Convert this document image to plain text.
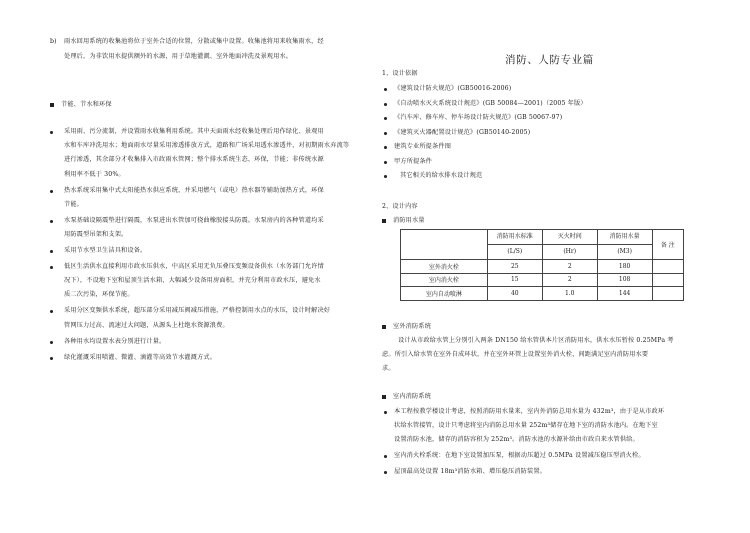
b) 雨水回用系统的收集池将位于室外合适的位置，分散或集中设置。收集池将用来收集雨水，经
处理后，为非饮用水提供额外的水源，用于草地灌溉、室外地面冲洗及景观用水。
节能、节水和环保
采用雨、污分流制，并设置雨水收集利用系统。其中天面雨水经收集处理后用作绿化、景观用
水和车库冲洗用水；地面雨水尽量采用渗透排放方式，道路和广场采用透水渗透井，对初期雨水弃流等
进行渗透，其余部分才收集排入市政雨水管网；整个排水系统生态、环保，节能；非传统水源
利用率不低于 30%。
热水系统采用集中式太阳能热水供应系统，并采用燃气（或电）热水器等辅助加热方式，环保
节能。
水泵基础设隔震垫进行隔震，水泵进出水管加可挠曲橡胶接头防震。水泵房内的各种管道均采
用防震型吊架和支架。
采用节水型卫生洁具和设备。
低区生活供水直接利用市政水压供水，中高区采用无负压叠压变频设备供水（水务部门允许情
况下），不设地下室和屋顶生活水箱，大幅减少设备用房面积，并充分利用市政水压，避免水
质二次污染，环保节能。
采用分区变频供水系统，超压部分采用减压阀减压措施，严格控制用水点的水压，设计时解决好
管网压力过高、流速过大问题，从源头上杜绝水资源浪费。
各种用水均设置水表分别进行计量。
绿化灌溉采用喷灌、微灌、滴灌等高效节水灌溉方式。
消防、人防专业篇
1、设计依据
《建筑设计防火规范》(GB50016-2006)
《自动喷水灭火系统设计规范》(GB 50084—2001)（2005 年版）
《汽车库、修车库、停车场设计防火规范》(GB 50067-97)
《建筑灭火器配置设计规范》(GB50140-2005)
建筑专业所提条件图
甲方所提条件
其它相关的给水排水设计规范
2、设计内容
消防用水量
	消防用水标准	灭火时间	消防用水量	备 注
	(L/S)	(Hr)	(M3)	
室外消火栓	25	2	180	
室内消火栓	15	2	108	
室内自动喷淋	40	1.0	144	
室外消防系统
设计从市政给水管上分别引入两条 DN150 给水管供本片区消防用水，供水水压暂按 0.25MPa 考
虑。所引入给水管在室外自成环状，并在室外环管上设置室外消火栓，间距满足室内消防用水要
求。
室内消防系统
本工程按教学楼设计考虑，按照消防用水量来，室内外消防总用水量为 432m³，由于是从市政环
状给水管接管，设计只考虑将室内消防总用水量 252m³储存在地下室的消防水池内。在地下室
设置消防水池，储存的消防容积为 252m³。消防水池的水源补给由市政自来水管供给。
室内消火栓系统：在地下室设置加压泵，根据动压超过 0.5MPa 设置减压稳压型消火栓。
屋顶最高处设置 18m³消防水箱、增压稳压消防装置。
